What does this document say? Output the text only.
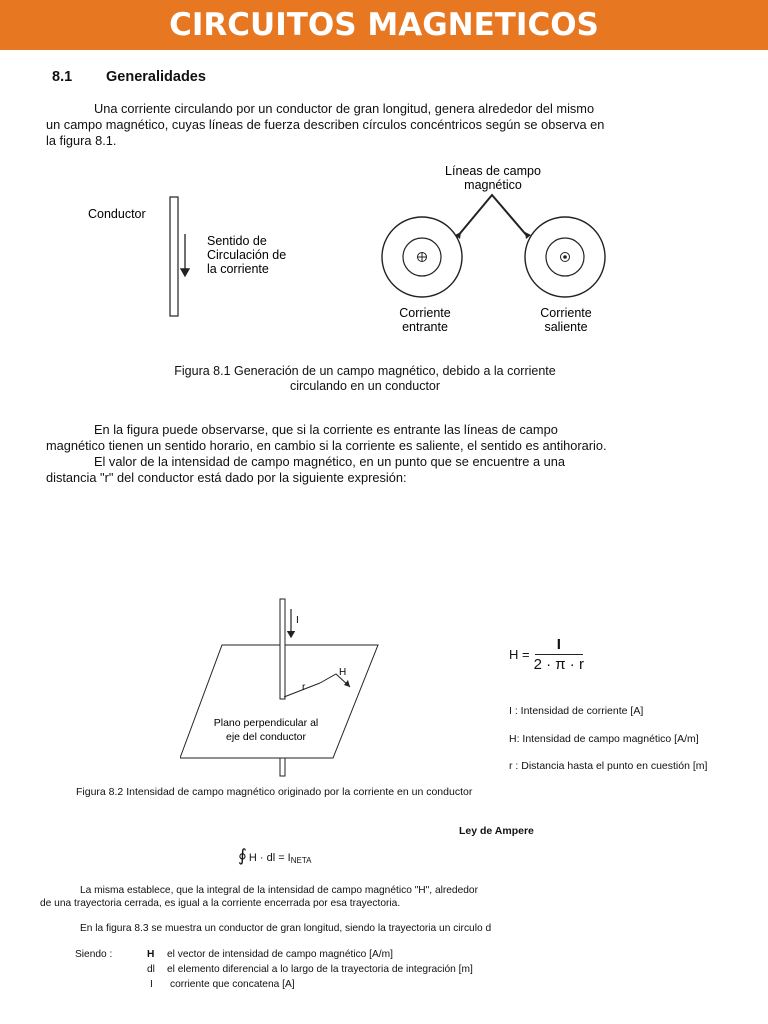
CIRCUITOS MAGNETICOS
8.1 Generalidades
Una corriente circulando por un conductor de gran longitud, genera alrededor del mismo
un campo magnético, cuyas líneas de fuerza describen círculos concéntricos según se observa en
la figura 8.1.
Conductor
Sentido de
Circulación de
la corriente
Líneas de campo
magnético
Corriente
entrante
Corriente
saliente
Figura 8.1 Generación de un campo magnético, debido a la corriente
circulando en un conductor
En la figura puede observarse, que si la corriente es entrante las líneas de campo
magnético tienen un sentido horario, en cambio si la corriente es saliente, el sentido es antihorario.
El valor de la intensidad de campo magnético, en un punto que se encuentre a una
distancia "r" del conductor está dado por la siguiente expresión:
I
r
H
Plano perpendicular al
eje del conductor
H =
I
2 · π · r
I : Intensidad de corriente [A]
H: Intensidad de campo magnético [A/m]
r : Distancia hasta el punto en cuestión [m]
Figura 8.2 Intensidad de campo magnético originado por la corriente en un conductor
Ley de Ampere
∮ H · dl = I NETA
La misma establece, que la integral de la intensidad de campo magnético "H", alrededor
de una trayectoria cerrada, es igual a la corriente encerrada por esa trayectoria.
En la figura 8.3 se muestra un conductor de gran longitud, siendo la trayectoria un circulo d
Siendo :	H el vector de intensidad de campo magnético [A/m]
dl el elemento diferencial a lo largo de la trayectoria de integración [m]
I corriente que concatena [A]
